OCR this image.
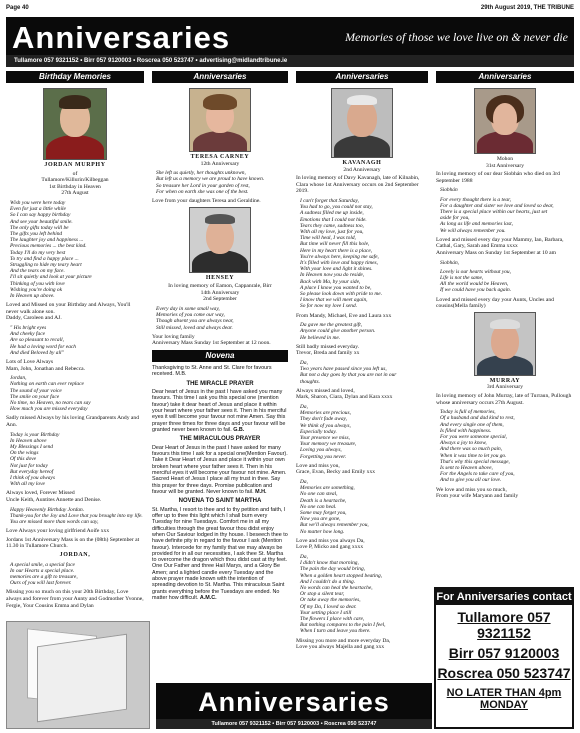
Page 40	29th August 2019, THE TRIBUNE
Anniversaries	Memories of those we love live on & never die
Tullamore 057 9321152 • Birr 057 9120003 • Roscrea 050 523747 • advertising@midlandtribune.ie
Birthday Memories	Anniversaries	Anniversaries	Anniversaries
JORDAN MURPHY
of
Tullamore/Killurin/Kilbeggan
1st Birthday in Heaven
27th August
Wish you were here today
Even for just a little while
So I can say happy birthday
And see your beautiful smile.
The only gifts today will be
The gifts you left behind
The laughter joy and happiness ...
Precious memories ... the best kind.
Today I'll do my very best
To try and find a happy place ...
Struggling to hide my teary heart
And the tears on my face.
I'll sit quietly and look at your picture
Thinking of you with love
Wishing you're doing ok
In Heaven up above.
Loved and Missed on your Birthday and Always, You'll never walk alone son.
Daddy, Caroleen and AJ.
" His bright eyes
And cheeky face
Are so pleasant to recall,
He had a loving word for each
And died Beloved by all"
Lots of Love Always
Mam, John, Jonathan and Rebecca.
Jordan,
Nothing on earth can ever replace
The sound of your voice
The smile on your face
No time, no Heaven, no tears can say
How much you are missed everyday
Sadly missed Always by his loving Grandparents Andy and Ann.
Today is your Birthday
In Heaven above
My Blessings I send
On the wings
Of this dove
Not just for today
But everyday hereof
I think of you always
With all my love
Always loved, Forever Missed
Uncle Keith, Auntites Annette and Denise.
Happy Heavenly Birthday Jordan.
Thank-you for the Joy and Love that you brought into my life.
You are missed more than words can say,
Love Always your loving girlfriend Aoife xxx
Jordans 1st Anniversary Mass is on the (08th) September at 11.30 in Tullamore Church.
JORDAN,
A special smile, a special face
In our Hearts a special place.
memories are a gift to treasure,
Ours of you will last forever.
Missing you so much on this your 20th Birthday, Love always and forever from your Aunty and Godmother Yvonne, Fergie, Your Cousins Emma and Dylan
TERESA CARNEY
12th Anniversary
She left us quietly, her thoughts unknown,
But left us a memory we are proud to have known.
So treasure her Lord in your garden of rest,
For when on earth she was one of the best.
Love from your daughters Teresa and Geraldine.
HENSEY
In loving memory of Eamon, Cappanrale, Birr
14th Anniversary
2nd September
Every day in some small way,
Memories of you come our way,
Though absent you are always near,
Still missed, loved and always dear.
Your loving family
Anniversary Mass Sunday 1st September at 12 noon.
Novena
Thanksgiving to St. Anne and St. Clare for favours received. M.B.
THE MIRACLE PRAYER
Dear heart of Jesus in the past I have asked you many favours. This time I ask you this special one (mention favour) take it dear heart of Jesus and place it within your heart where your father sees it. Then in his merciful eyes it will become your favour not mine Amen. Say this prayer three times for three days and your favour will be granted never been known to fail. G.B.
THE MIRACULOUS PRAYER
Dear Heart of Jesus in the past I have asked for many favours this time I ask for a special one(Mention Favour). Take it Dear Heart of Jesus and place it within your own broken heart where your father sees it. Then in his merciful eyes it will become your favour not mine. Amen. Sacred Heart of Jesus I place all my trust in thee. Say this prayer for three days. Promise publication and favour will be granted. Never known to fail. M.H.
NOVENA TO SAINT MARTHA
St. Martha, I resort to thee and to thy petition and faith, I offer up to thee this light which I shall burn every Tuesday for nine Tuesdays. Comfort me in all my difficulties through the great favour thou didst enjoy when Our Saviour lodged in thy house. I beseech thee to have definite pity in regard to the favour I ask (Mention favour). Intercede for my family that we may always be provided for in all our necessities, I ask thee St. Martha to overcome the dragon which thou didst cast at thy feet. One Our Father and three Hail Marys, and a Glory Be Amen; and a lighted candle every Tuesday and the above prayer made known with the intention of spreading devotion to St. Martha. This miraculous Saint grants everything before the Tuesdays are ended. No matter how difficult. A.M.C.
KAVANAGH
2nd Anniversary
In loving memory of Davy Kavanagh, late of Kilnabin, Clara whose 1st Anniversary occurs on 2nd September 2019.
I can't forget that Saturday,
You had to go, you could not stay,
A sadness filled me up inside,
Emotions that I could not hide.
Tears they came, sadness too,
With all my love, just for you,
Time will heal, I was told,
But time will never fill this hole,
Here in my heart there is a place,
You're always here, keeping me safe,
It's filled with love and happy times,
With your love and light it shines.
In Heaven now you do reside,
Back with Ma, by your side,
A place I know you wanted to be,
So please look down with pride to me.
I know that we will meet again,
So for now my love I send.
From Mandy, Michael, Eve and Laura xxx
Da gave me the greatest gift,
Anyone could give another person.
He believed in me.
Still badly missed everyday.
Trevor, Breda and family xx
Da,
Two years have passed since you left us,
But not a day goes by that you are not in our
thoughts.
Always missed and loved,
Mark, Sharon, Ciara, Dylan and Kara xxxx
Da,
Memories are precious,
They don't fade away,
We think of you always,
Especially today.
Your presence we miss,
Your memory we treasure,
Loving you always,
Forgetting you never.
Love and miss you,
Grace, Evan, Becky and Emily xxx
Da,
Memories are something,
No one can steal,
Death is a heartache,
No one can heal.
Some may forget you,
Now you are gone,
But we'll always remember you,
No matter how long.
Love and miss you always Da,
Love P, Micko and gang xxxx
Da,
I didn't know that morning,
The pain the day would bring,
When a golden heart stopped beating,
And I couldn't do a thing.
No words can heal the heartache,
Or stop a silent tear,
Or take away the memories,
Of my Da, I loved so dear.
Your setting place I still
The flowers I place with care,
But nothing compares to the pain I feel,
When I turn and leave you there.
Missing you more and more everyday Da,
Love you always Majella and gang xxx
Mohon
31st Anniversary
In loving memory of our dear Siobhán who died on 3rd September 1988
Siobhán
For every thought there is a tear,
For a daughter and sister we love and loved so dear,
There is a special place within our hearts, just set
aside for you,
As long as life and memories last,
We will always remember you.
Loved and missed every day your Mammy, Ian, Barbara, Cathal, Gary, Sarah and Emma xxxx
Anniversary Mass on Sunday 1st September at 10 am
Siobhán,
Lovely is our hearts without you,
Life is not the same,
All the world would be Heaven,
If we could have you back again.
Loved and missed every day your Aunts, Uncles and cousins(Mella family)
MURRAY
3rd Anniversary
In loving memory of John Murray, late of Turraun, Pullough whose anniversary occurs 27th August.
Today is full of memories,
Of a husband and dad kind to rest,
And every single one of them,
Is filled with happiness.
For you were someone special,
Always a joy to know,
And there was so much pain,
When it was time to let you go.
That's why this special message,
Is sent to Heaven above,
For the Angels to take care of you,
And to give you all our love.
We love and miss you so much,
From your wife Maryann and family
For Anniversaries contact
Tullamore 057 9321152
Birr 057 9120003
Roscrea 050 523747
NO LATER THAN 4pm MONDAY
Anniversaries
Tullamore 057 9321152 • Birr 057 9120003 • Roscrea 050 523747
